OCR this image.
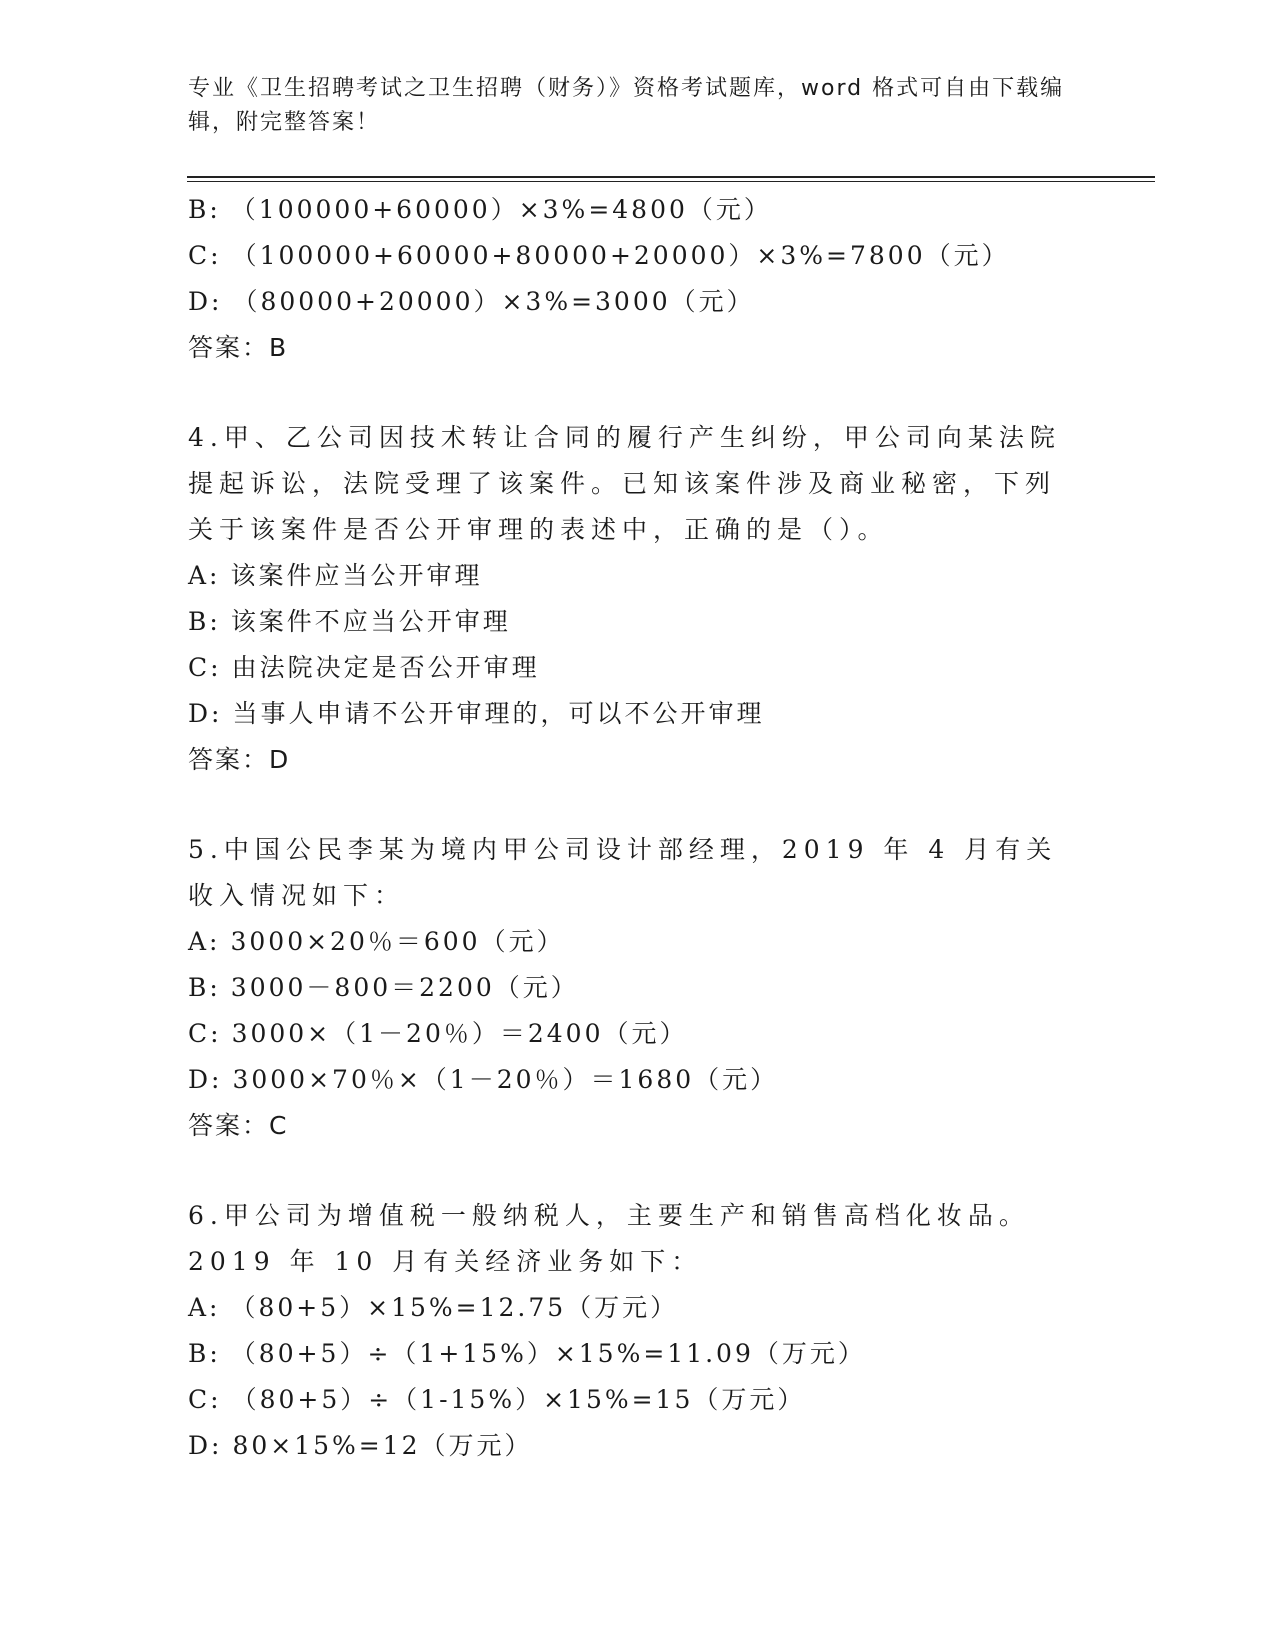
专业《卫生招聘考试之卫生招聘（财务）》资格考试题库，word 格式可自由下载编辑，附完整答案！
B: （100000+60000）×3%=4800（元）
C: （100000+60000+80000+20000）×3%=7800（元）
D: （80000+20000）×3%=3000（元）
答案：B
4.甲、乙公司因技术转让合同的履行产生纠纷，甲公司向某法院提起诉讼，法院受理了该案件。已知该案件涉及商业秘密，下列关于该案件是否公开审理的表述中，正确的是（）。
A: 该案件应当公开审理
B: 该案件不应当公开审理
C: 由法院决定是否公开审理
D: 当事人申请不公开审理的，可以不公开审理
答案：D
5.中国公民李某为境内甲公司设计部经理，2019 年 4 月有关收入情况如下：
A: 3000×20％＝600（元）
B: 3000－800＝2200（元）
C: 3000×（1－20％）＝2400（元）
D: 3000×70％×（1－20％）＝1680（元）
答案：C
6.甲公司为增值税一般纳税人，主要生产和销售高档化妆品。2019 年 10 月有关经济业务如下：
A: （80+5）×15%=12.75（万元）
B: （80+5）÷（1+15%）×15%=11.09（万元）
C: （80+5）÷（1-15%）×15%=15（万元）
D: 80×15%=12（万元）
